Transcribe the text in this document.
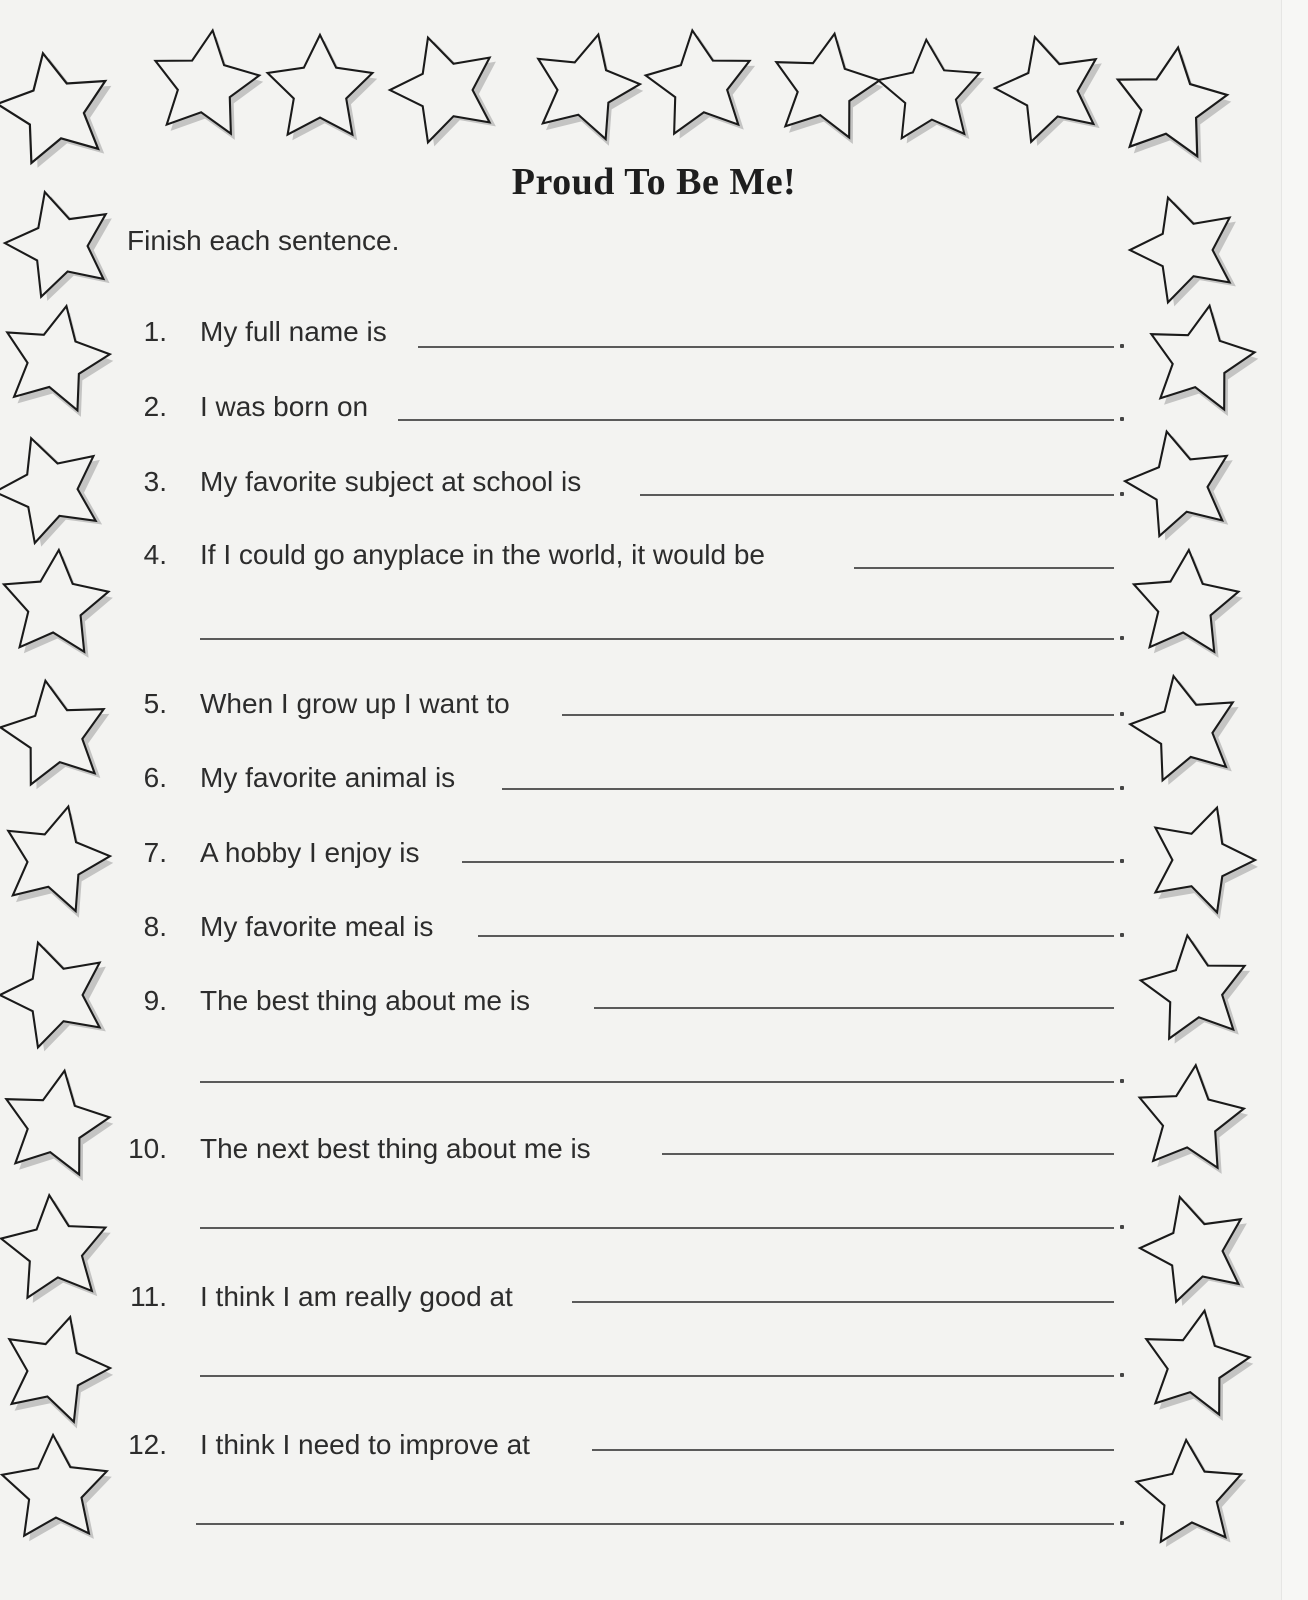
Proud To Be Me!
Finish each sentence.
1. My full name is
2. I was born on
3. My favorite subject at school is
4. If I could go anyplace in the world, it would be
5. When I grow up I want to
6. My favorite animal is
7. A hobby I enjoy is
8. My favorite meal is
9. The best thing about me is
10. The next best thing about me is
11. I think I am really good at
12. I think I need to improve at
